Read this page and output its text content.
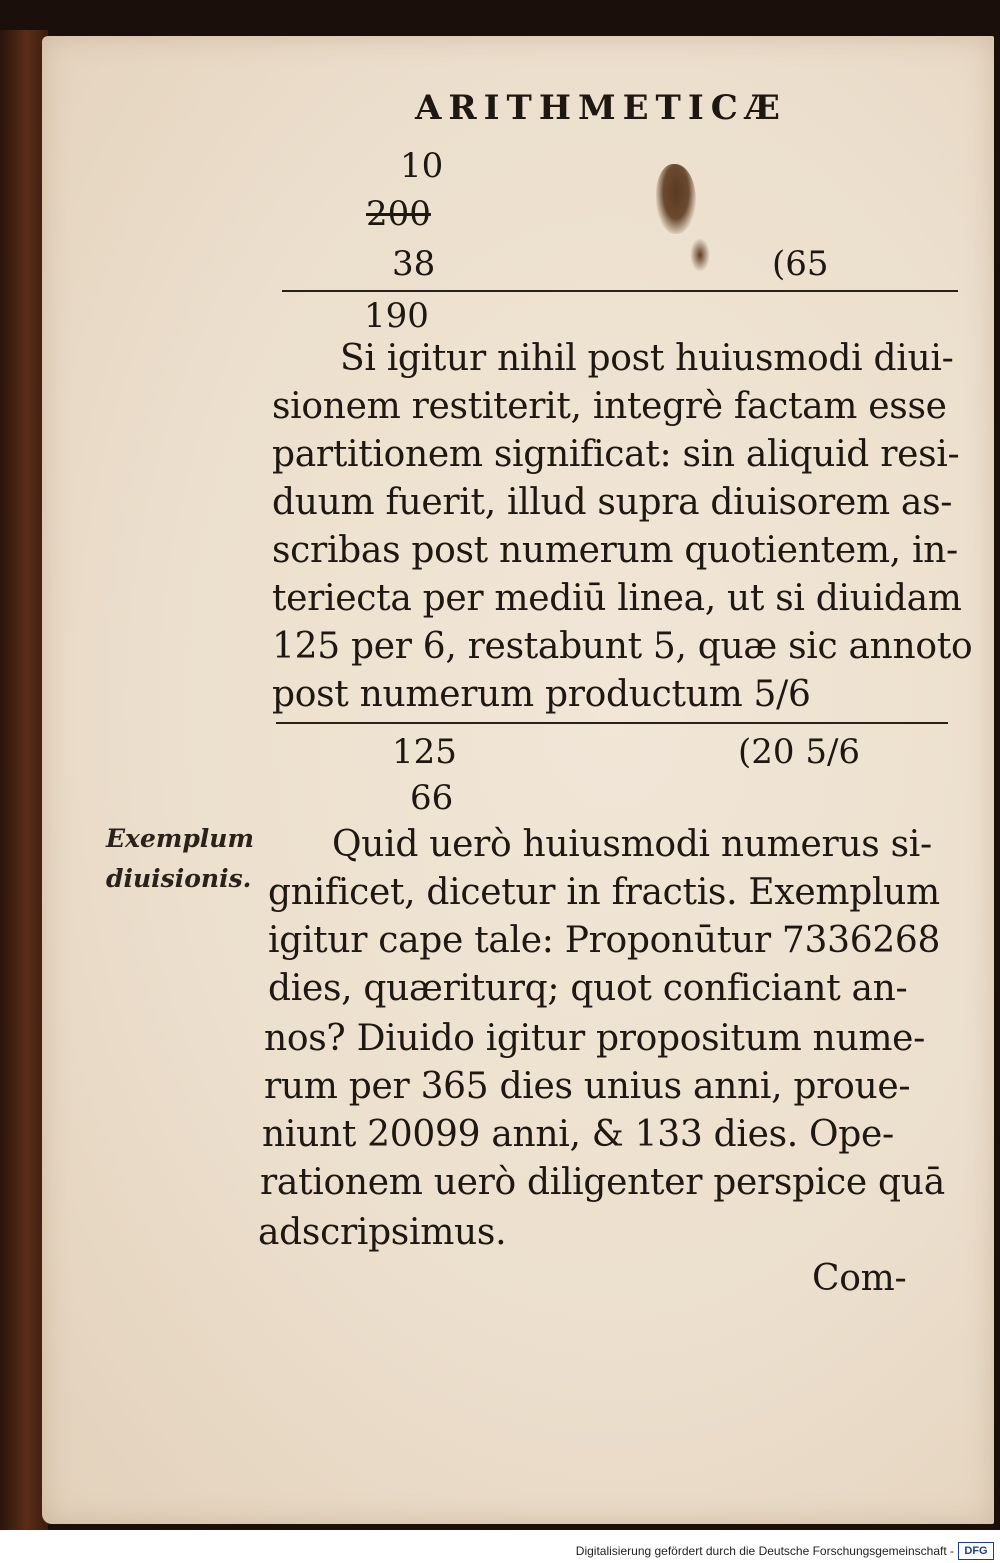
ARITHMETICÆ
10
200
38	(65
190
Si igitur nihil post huiusmodi diui-
sionem restiterit, integrè factam esse
partitionem significat: sin aliquid resi-
duum fuerit, illud supra diuisorem as-
scribas post numerum quotientem, in-
teriecta per mediū linea, ut si diuidam
125 per 6, restabunt 5, quæ sic annoto
post numerum productum 5/6
125	(20 5/6
66
Exemplum
diuisionis.
Quid uerò huiusmodi numerus si-
gnificet, dicetur in fractis. Exemplum
igitur cape tale: Proponūtur 7336268
dies, quæriturq; quot conficiant an-
nos? Diuido igitur propositum nume-
rum per 365 dies unius anni, proue-
niunt 20099 anni, & 133 dies. Ope-
rationem uerò diligenter perspice quā
adscripsimus.
Com-
Digitalisierung gefördert durch die Deutsche Forschungsgemeinschaft - DFG
